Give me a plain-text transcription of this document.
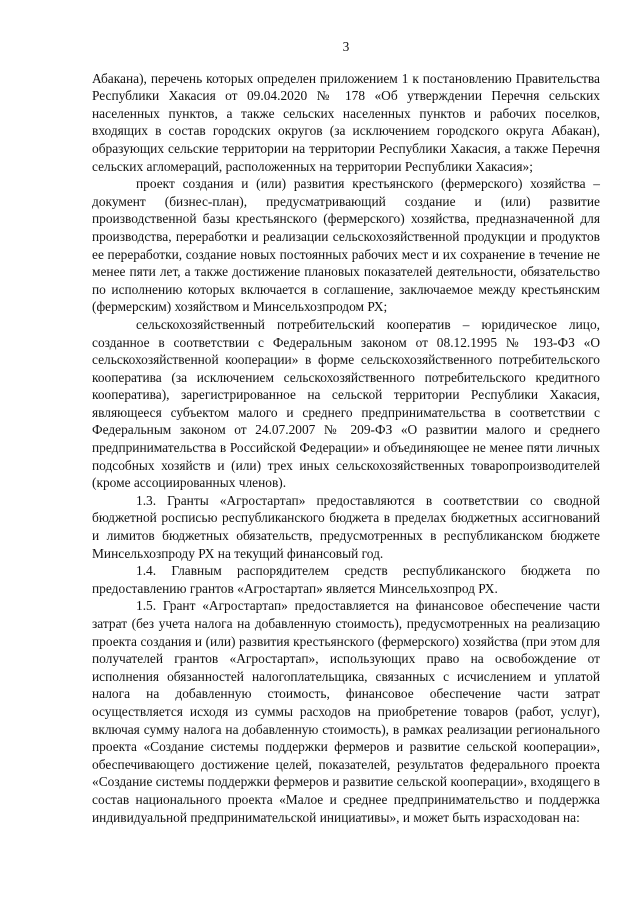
3

Абакана), перечень которых определен приложением 1 к постановлению Правительства Республики Хакасия от 09.04.2020 № 178 «Об утверждении Перечня сельских населенных пунктов, а также сельских населенных пунктов и рабочих поселков, входящих в состав городских округов (за исключением городского округа Абакан), образующих сельские территории на территории Республики Хакасия, а также Перечня сельских агломераций, расположенных на территории Республики Хакасия»;

проект создания и (или) развития крестьянского (фермерского) хозяйства – документ (бизнес-план), предусматривающий создание и (или) развитие производственной базы крестьянского (фермерского) хозяйства, предназначенной для производства, переработки и реализации сельскохозяйственной продукции и продуктов ее переработки, создание новых постоянных рабочих мест и их сохранение в течение не менее пяти лет, а также достижение плановых показателей деятельности, обязательство по исполнению которых включается в соглашение, заключаемое между крестьянским (фермерским) хозяйством и Минсельхозпродом РХ;

сельскохозяйственный потребительский кооператив – юридическое лицо, созданное в соответствии с Федеральным законом от 08.12.1995 № 193-ФЗ «О сельскохозяйственной кооперации» в форме сельскохозяйственного потребительского кооператива (за исключением сельскохозяйственного потребительского кредитного кооператива), зарегистрированное на сельской территории Республики Хакасия, являющееся субъектом малого и среднего предпринимательства в соответствии с Федеральным законом от 24.07.2007 № 209-ФЗ «О развитии малого и среднего предпринимательства в Российской Федерации» и объединяющее не менее пяти личных подсобных хозяйств и (или) трех иных сельскохозяйственных товаропроизводителей (кроме ассоциированных членов).

1.3. Гранты «Агростартап» предоставляются в соответствии со сводной бюджетной росписью республиканского бюджета в пределах бюджетных ассигнований и лимитов бюджетных обязательств, предусмотренных в республиканском бюджете Минсельхозпроду РХ на текущий финансовый год.

1.4. Главным распорядителем средств республиканского бюджета по предоставлению грантов «Агростартап» является Минсельхозпрод РХ.

1.5. Грант «Агростартап» предоставляется на финансовое обеспечение части затрат (без учета налога на добавленную стоимость), предусмотренных на реализацию проекта создания и (или) развития крестьянского (фермерского) хозяйства (при этом для получателей грантов «Агростартап», использующих право на освобождение от исполнения обязанностей налогоплательщика, связанных с исчислением и уплатой налога на добавленную стоимость, финансовое обеспечение части затрат осуществляется исходя из суммы расходов на приобретение товаров (работ, услуг), включая сумму налога на добавленную стоимость), в рамках реализации регионального проекта «Создание системы поддержки фермеров и развитие сельской кооперации», обеспечивающего достижение целей, показателей, результатов федерального проекта «Создание системы поддержки фермеров и развитие сельской кооперации», входящего в состав национального проекта «Малое и среднее предпринимательство и поддержка индивидуальной предпринимательской инициативы», и может быть израсходован на:
